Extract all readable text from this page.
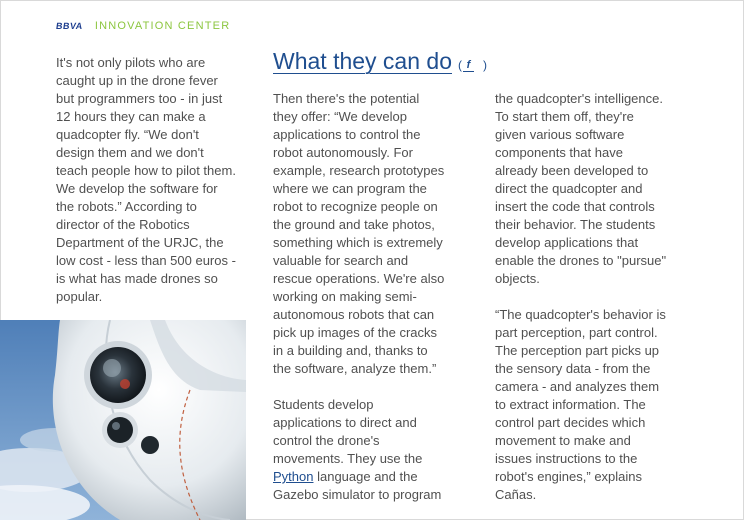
BBVA INNOVATION CENTER

It's not only pilots who are
caught up in the drone fever
but programmers too - in just
12 hours they can make a
quadcopter fly. “We don't
design them and we don't
teach people how to pilot them.
We develop the software for
the robots.” According to
director of the Robotics
Department of the URJC, the
low cost - less than 500 euros -
is what has made drones so
popular.

What they can do ( f	)

Then there's the potential
they offer: “We develop
applications to control the
robot autonomously. For
example, research prototypes
where we can program the
robot to recognize people on
the ground and take photos,
something which is extremely
valuable for search and
rescue operations. We're also
working on making semi-
autonomous robots that can
pick up images of the cracks
in a building and, thanks to
the software, analyze them.”

Students develop
applications to direct and
control the drone's
movements. They use the
Python language and the
Gazebo simulator to program

the quadcopter's intelligence.
To start them off, they're
given various software
components that have
already been developed to
direct the quadcopter and
insert the code that controls
their behavior. The students
develop applications that
enable the drones to "pursue"
objects.

“The quadcopter's behavior is
part perception, part control.
The perception part picks up
the sensory data - from the
camera - and analyzes them
to extract information. The
control part decides which
movement to make and
issues instructions to the
robot's engines,” explains
Cañas.
